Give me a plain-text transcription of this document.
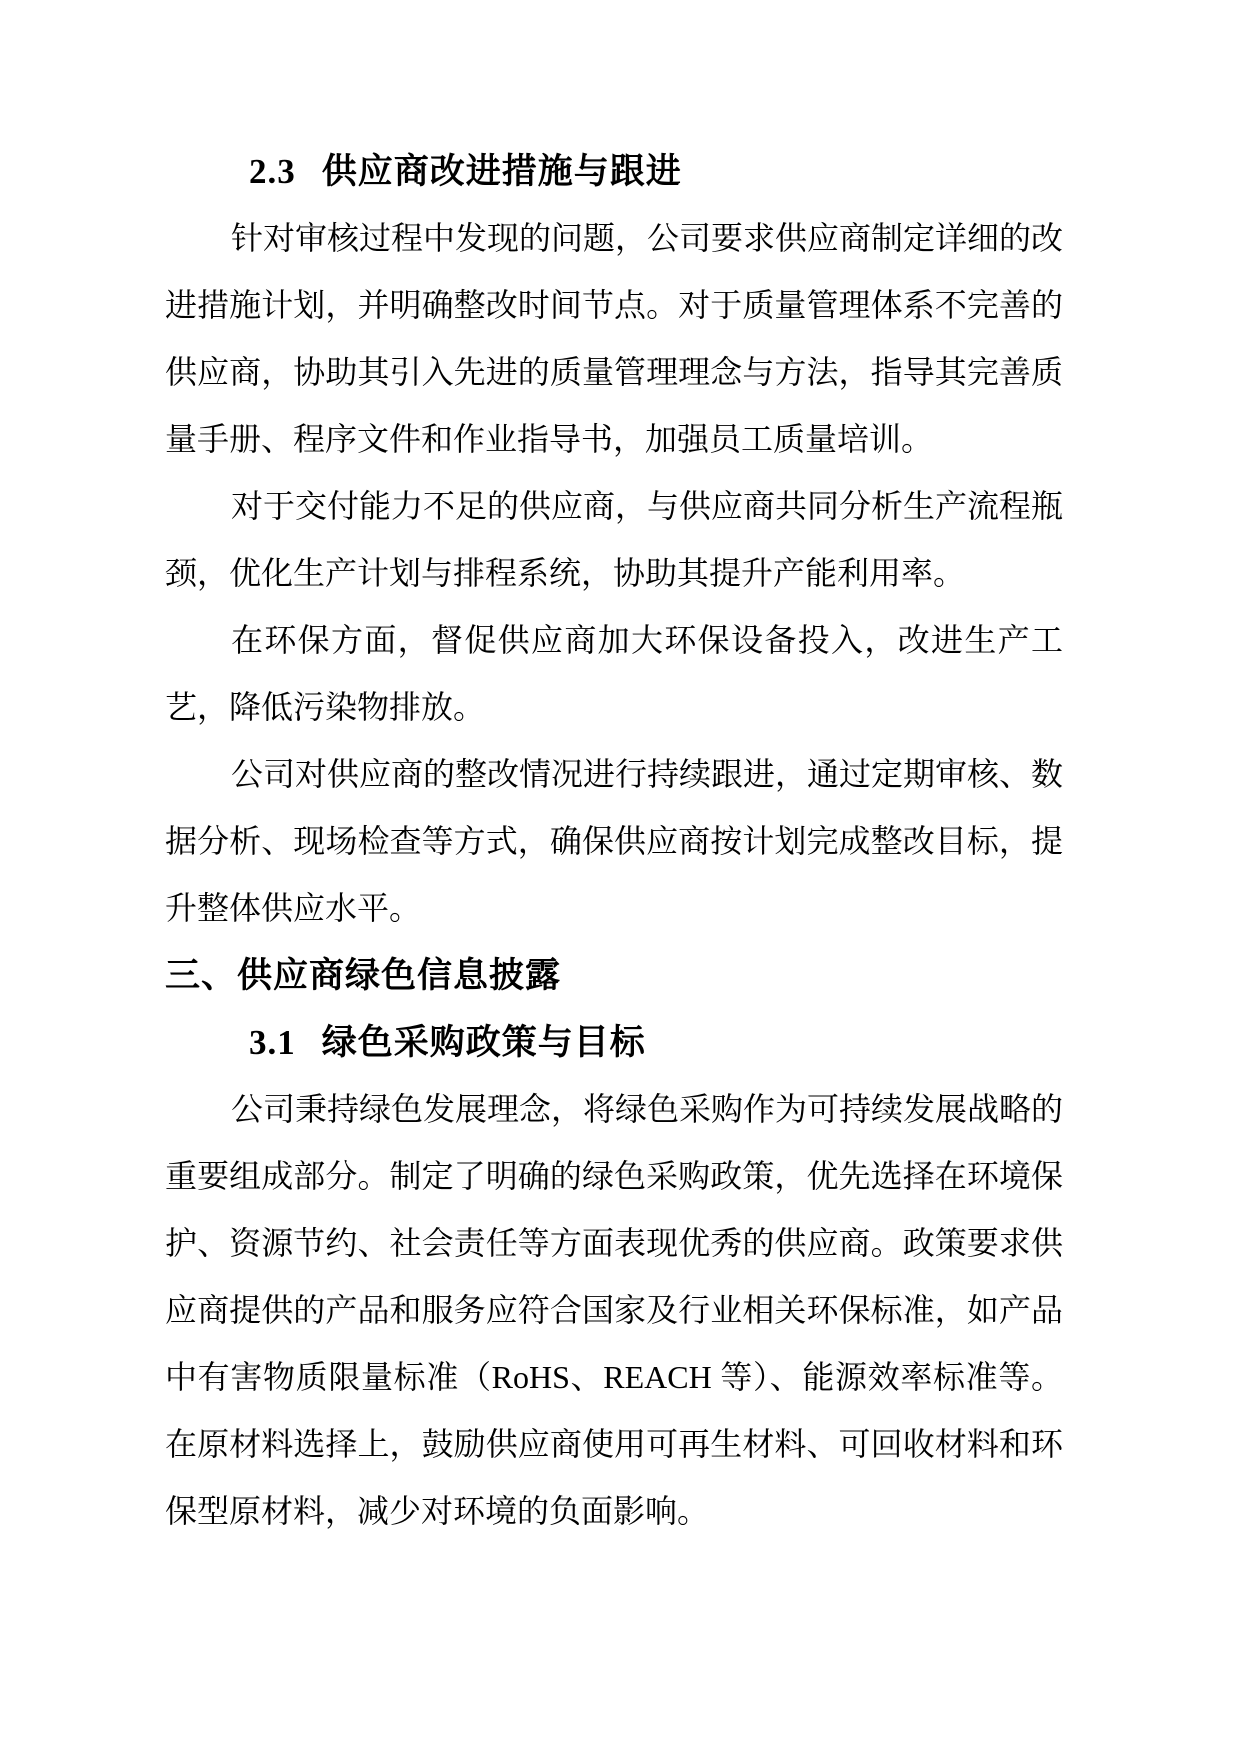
2.3 供应商改进措施与跟进

针对审核过程中发现的问题，公司要求供应商制定详细的改进措施计划，并明确整改时间节点。对于质量管理体系不完善的供应商，协助其引入先进的质量管理理念与方法，指导其完善质量手册、程序文件和作业指导书，加强员工质量培训。

对于交付能力不足的供应商，与供应商共同分析生产流程瓶颈，优化生产计划与排程系统，协助其提升产能利用率。

在环保方面，督促供应商加大环保设备投入，改进生产工艺，降低污染物排放。

公司对供应商的整改情况进行持续跟进，通过定期审核、数据分析、现场检查等方式，确保供应商按计划完成整改目标，提升整体供应水平。

三、供应商绿色信息披露
3.1 绿色采购政策与目标

公司秉持绿色发展理念，将绿色采购作为可持续发展战略的重要组成部分。制定了明确的绿色采购政策，优先选择在环境保护、资源节约、社会责任等方面表现优秀的供应商。政策要求供应商提供的产品和服务应符合国家及行业相关环保标准，如产品中有害物质限量标准（RoHS、REACH 等）、能源效率标准等。在原材料选择上，鼓励供应商使用可再生材料、可回收材料和环保型原材料，减少对环境的负面影响。
